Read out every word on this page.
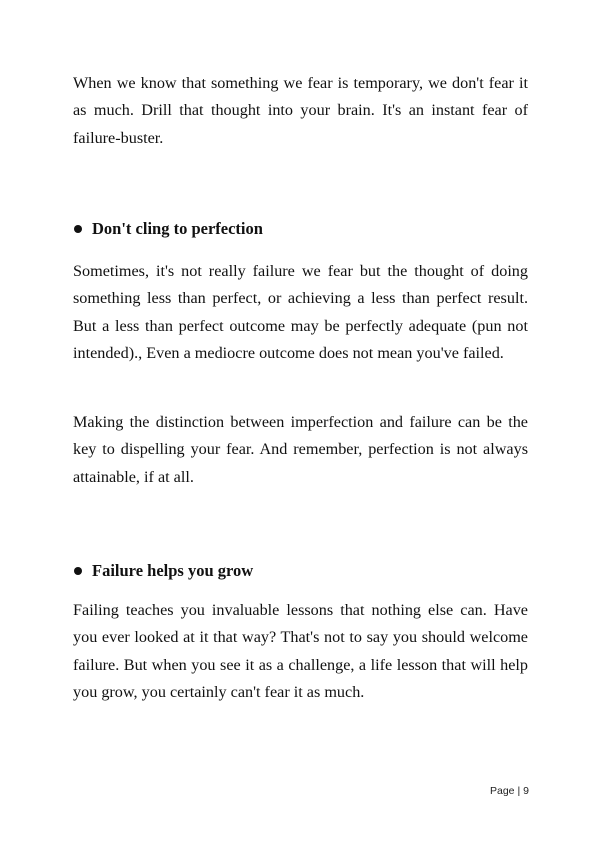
When we know that something we fear is temporary, we don't fear it as much. Drill that thought into your brain. It's an instant fear of failure-buster.

Don't cling to perfection

Sometimes, it's not really failure we fear but the thought of doing something less than perfect, or achieving a less than perfect result. But a less than perfect outcome may be perfectly adequate (pun not intended)., Even a mediocre outcome does not mean you've failed.

Making the distinction between imperfection and failure can be the key to dispelling your fear. And remember, perfection is not always attainable, if at all.

Failure helps you grow

Failing teaches you invaluable lessons that nothing else can. Have you ever looked at it that way? That's not to say you should welcome failure. But when you see it as a challenge, a life lesson that will help you grow, you certainly can't fear it as much.

Page | 9
